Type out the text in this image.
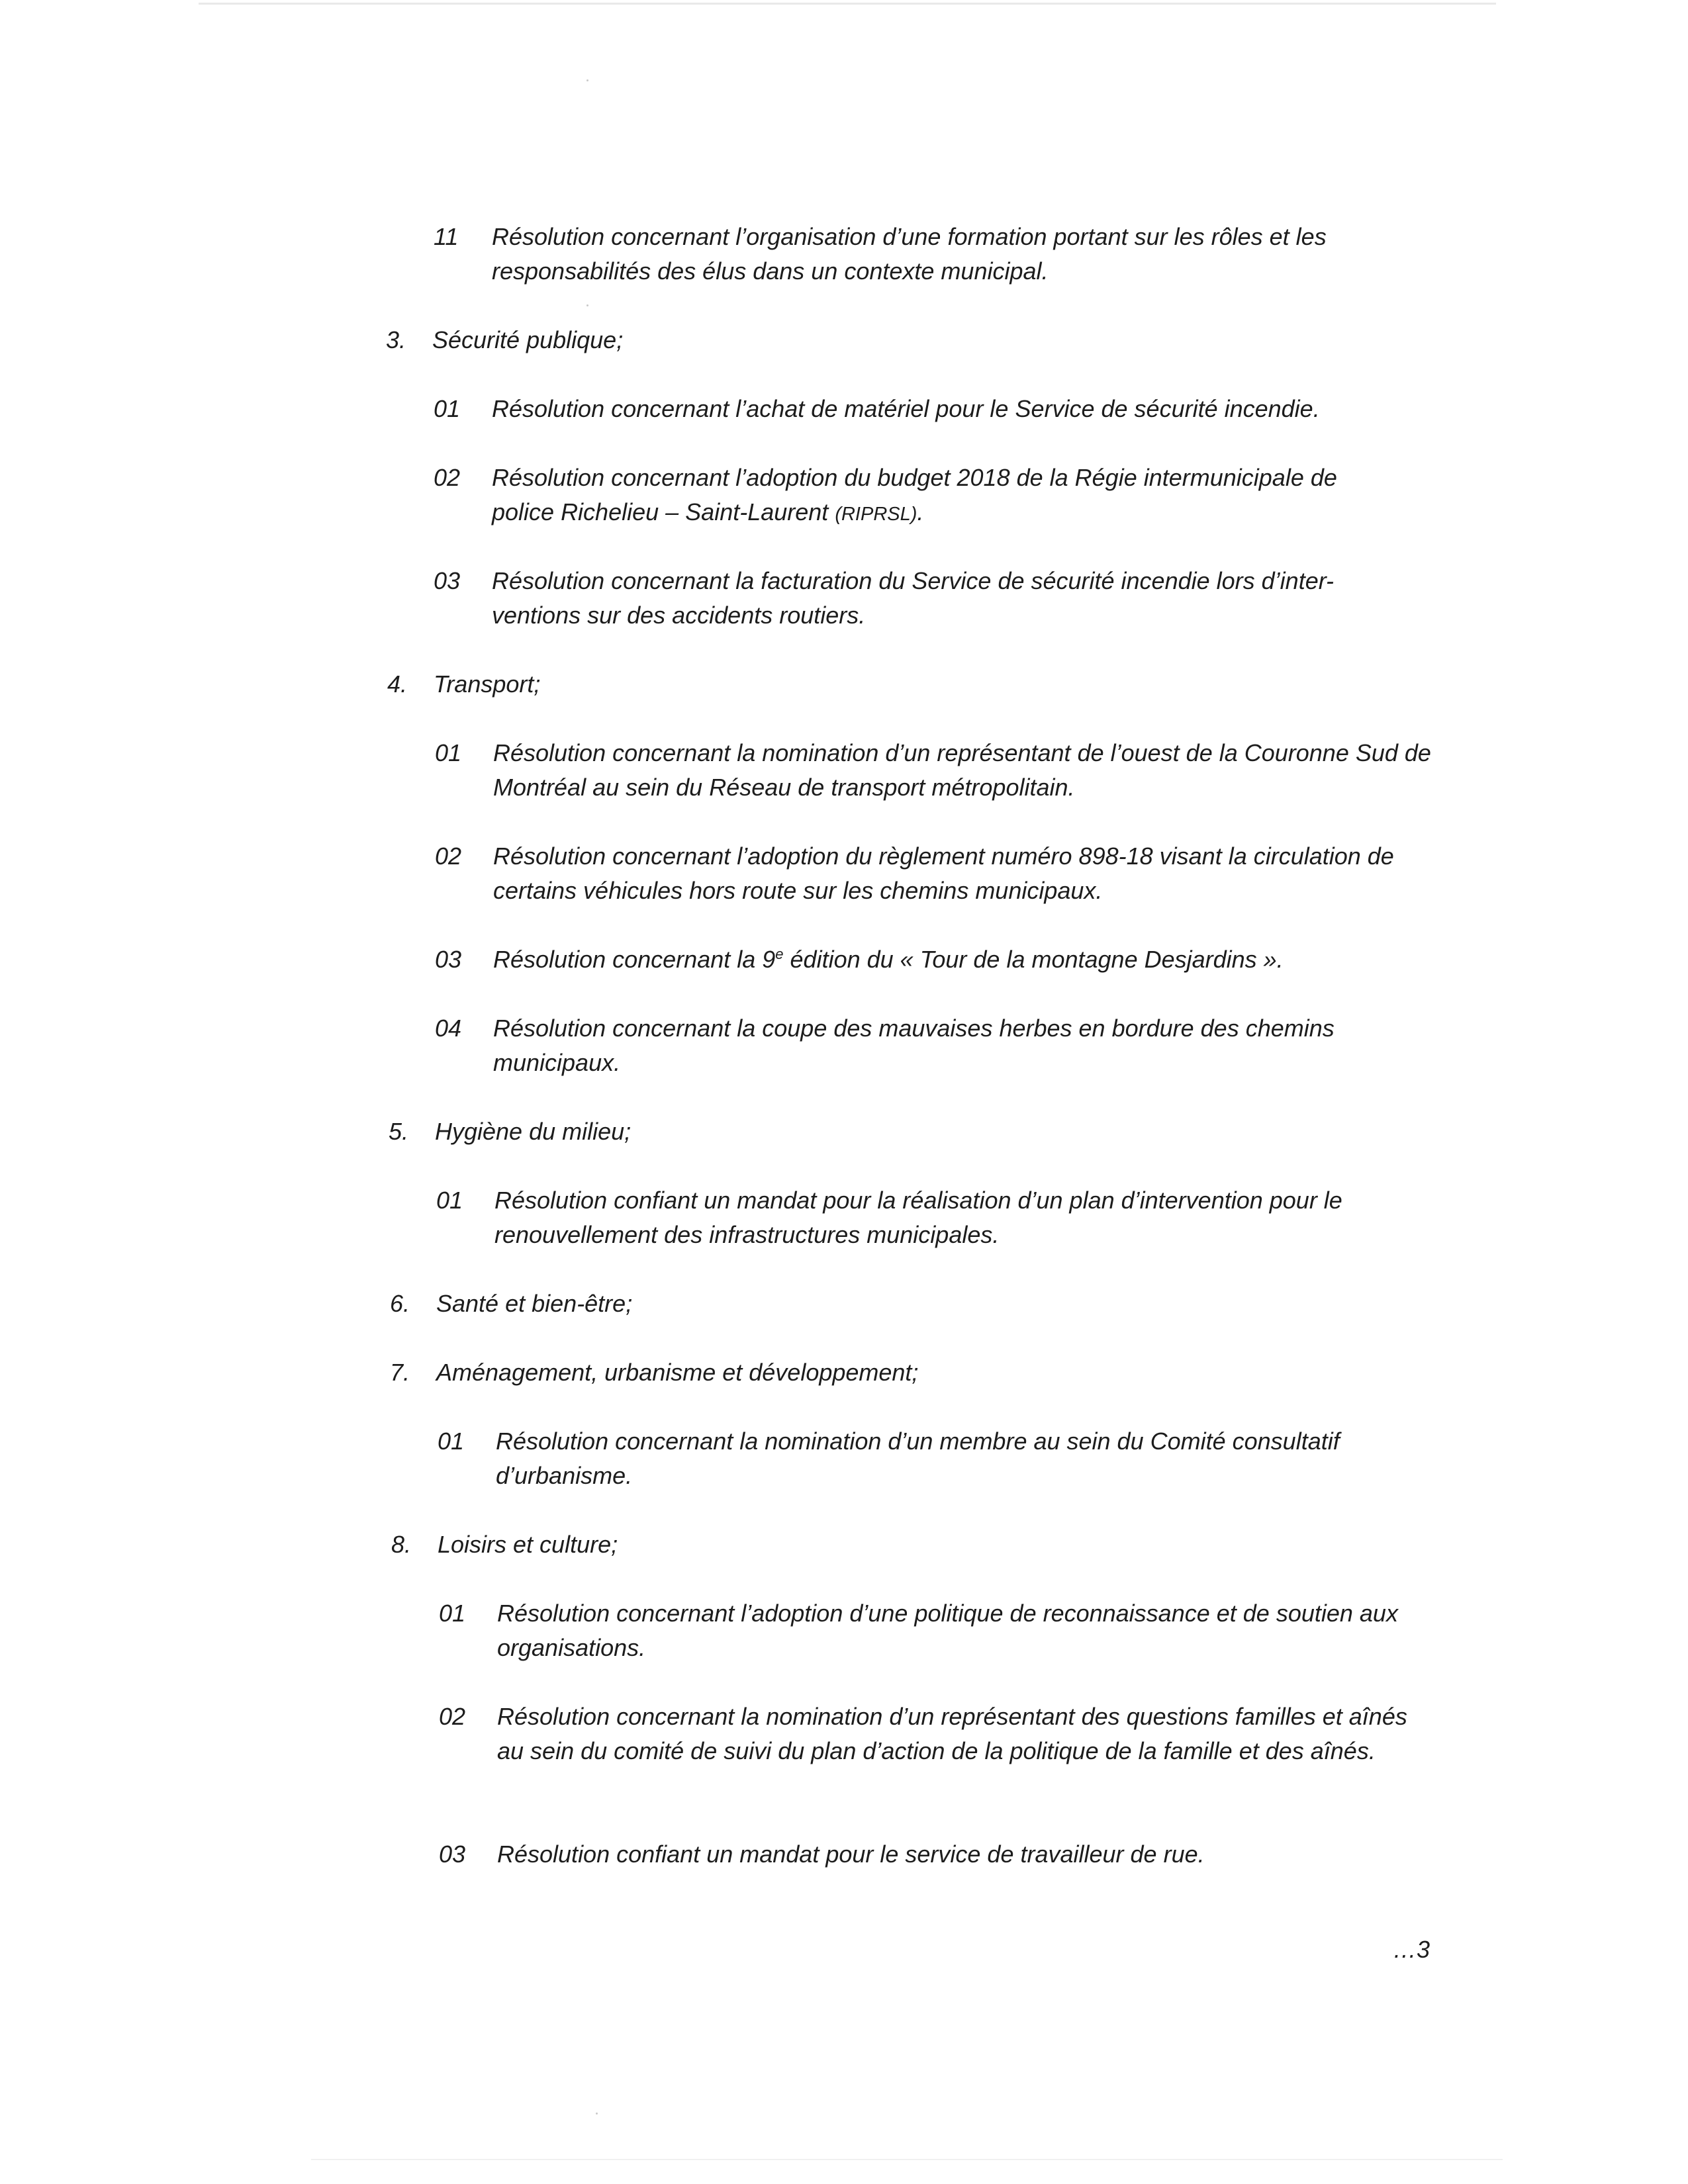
11	Résolution concernant l’organisation d’une formation portant sur les rôles et les responsabilités des élus dans un contexte municipal.
3.	Sécurité publique;
01	Résolution concernant l’achat de matériel pour le Service de sécurité incendie.
02	Résolution concernant l’adoption du budget 2018 de la Régie intermunicipale de police Richelieu – Saint-Laurent (RIPRSL).
03	Résolution concernant la facturation du Service de sécurité incendie lors d’inter-ventions sur des accidents routiers.
4.	Transport;
01	Résolution concernant la nomination d’un représentant de l’ouest de la Couronne Sud de Montréal au sein du Réseau de transport métropolitain.
02	Résolution concernant l’adoption du règlement numéro 898-18 visant la circulation de certains véhicules hors route sur les chemins municipaux.
03	Résolution concernant la 9e édition du « Tour de la montagne Desjardins ».
04	Résolution concernant la coupe des mauvaises herbes en bordure des chemins municipaux.
5.	Hygiène du milieu;
01	Résolution confiant un mandat pour la réalisation d’un plan d’intervention pour le renouvellement des infrastructures municipales.
6.	Santé et bien-être;
7.	Aménagement, urbanisme et développement;
01	Résolution concernant la nomination d’un membre au sein du Comité consultatif d’urbanisme.
8.	Loisirs et culture;
01	Résolution concernant l’adoption d’une politique de reconnaissance et de soutien aux organisations.
02	Résolution concernant la nomination d’un représentant des questions familles et aînés au sein du comité de suivi du plan d’action de la politique de la famille et des aînés.
03	Résolution confiant un mandat pour le service de travailleur de rue.
…3
